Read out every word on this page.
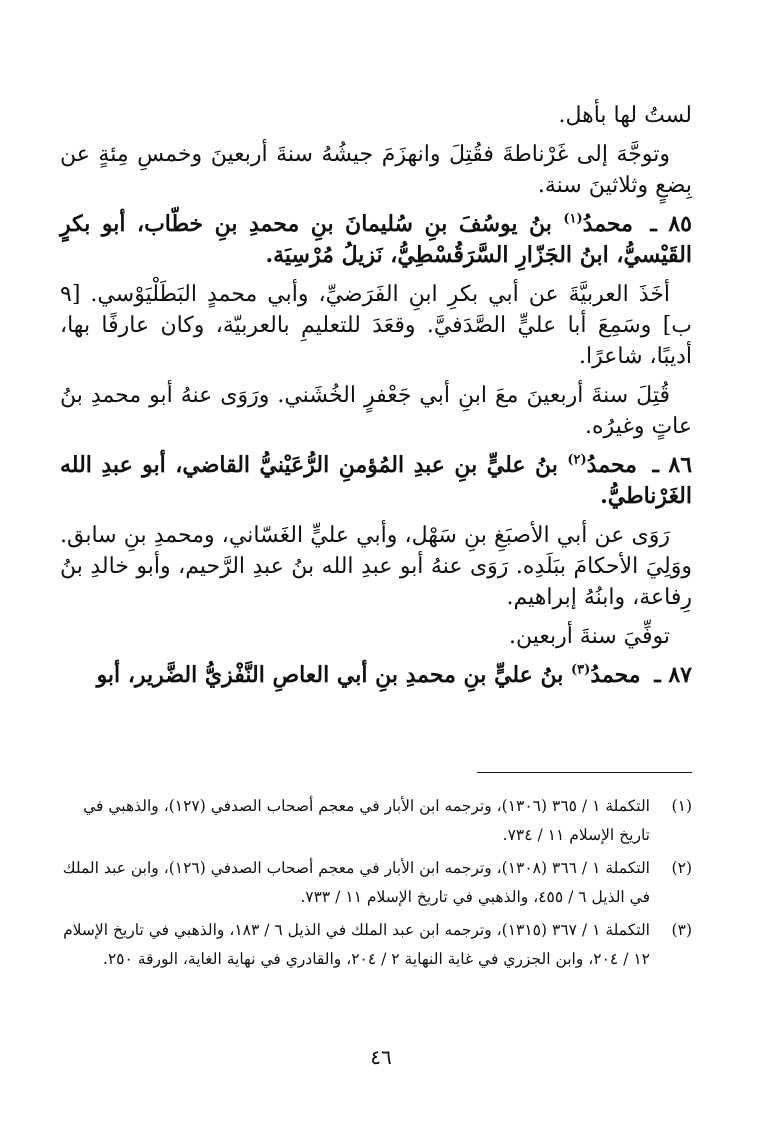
لستُ لها بأهل.

وتوجَّهَ إلى غَرْناطةَ فقُتِلَ وانهزَمَ جيشُهُ سنةَ أربعينَ وخمسِ مِئةٍ عن بِضعٍ وثلاثينَ سنة.

٨٥ ـ محمدُ$^{(١)}$ بنُ يوسُفَ بنِ سُليمانَ بنِ محمدِ بنِ خطّاب، أبو بكرٍ القَيْسيُّ، ابنُ الجَزّارِ السَّرَقُسْطِيُّ، نَزيلُ مُرْسِيَة.

أخَذَ العربيَّةَ عن أبي بكرِ ابنِ الفَرَضيِّ، وأبي محمدٍ البَطَلْيَوْسي. [٩ ب] وسَمِعَ أبا عليٍّ الصَّدَفيَّ. وقعَدَ للتعليمِ بالعربيّة، وكان عارفًا بها، أديبًا، شاعرًا.

قُتِلَ سنةَ أربعينَ معَ ابنِ أبي جَعْفرٍ الخُشَني. ورَوَى عنهُ أبو محمدِ بنُ عاتٍ وغيرُه.

٨٦ ـ محمدُ$^{(٢)}$ بنُ عليٍّ بنِ عبدِ المُؤمنِ الرُّعَيْنيُّ القاضي، أبو عبدِ الله الغَرْناطيُّ.

رَوَى عن أبي الأصبَغِ بنِ سَهْل، وأبي عليٍّ الغَسّاني، ومحمدِ بنِ سابق. ووَلِيَ الأحكامَ ببَلَدِه. رَوَى عنهُ أبو عبدِ الله بنُ عبدِ الرَّحيم، وأبو خالدِ بنُ رِفاعة، وابنُهُ إبراهيم.

توفِّيَ سنةَ أربعين.

٨٧ ـ محمدُ$^{(٣)}$ بنُ عليٍّ بنِ محمدِ بنِ أبي العاصِ النَّفْزيُّ الضَّرير، أبو

(١)
التكملة ١ / ٣٦٥ (١٣٠٦)، وترجمه ابن الأبار في معجم أصحاب الصدفي (١٢٧)، والذهبي في تاريخ الإسلام ١١ / ٧٣٤.
(٢)
التكملة ١ / ٣٦٦ (١٣٠٨)، وترجمه ابن الأبار في معجم أصحاب الصدفي (١٢٦)، وابن عبد الملك في الذيل ٦ / ٤٥٥، والذهبي في تاريخ الإسلام ١١ / ٧٣٣.
(٣)
التكملة ١ / ٣٦٧ (١٣١٥)، وترجمه ابن عبد الملك في الذيل ٦ / ١٨٣، والذهبي في تاريخ الإسلام ١٢ / ٢٠٤، وابن الجزري في غاية النهاية ٢ / ٢٠٤، والقادري في نهاية الغاية، الورقة ٢٥٠.
٤٦
